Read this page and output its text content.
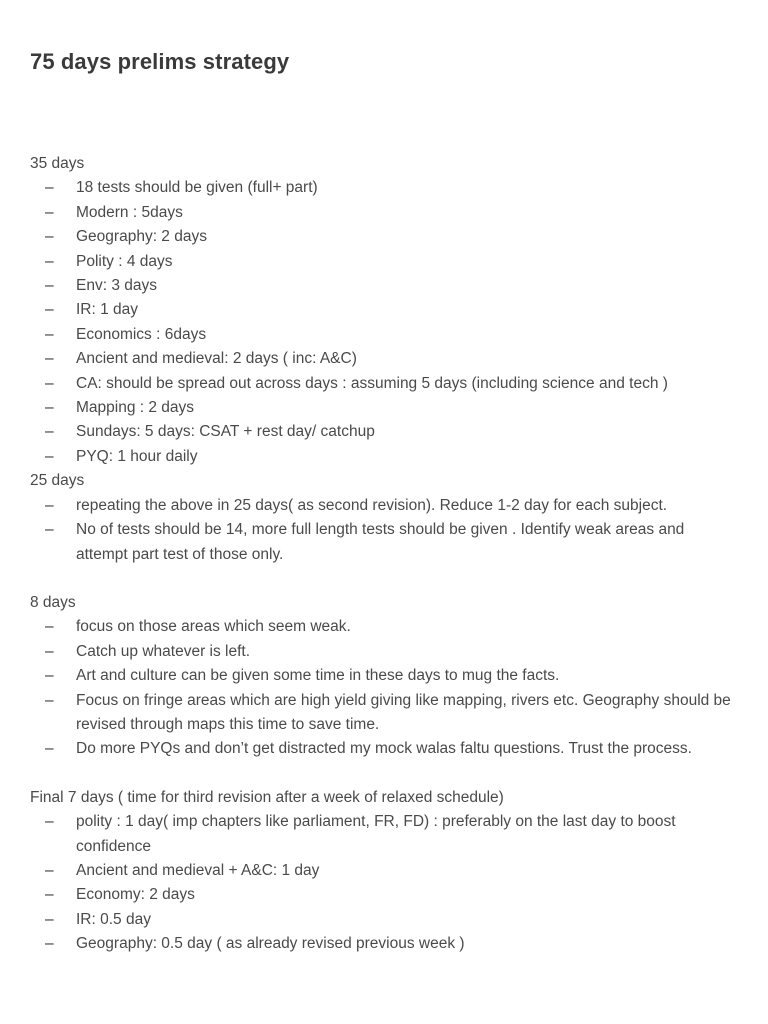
75 days prelims strategy
35 days
–	18 tests should be given (full+ part)
–	Modern : 5days
–	Geography: 2 days
–	Polity : 4 days
–	Env: 3 days
–	IR: 1 day
–	Economics : 6days
–	Ancient and medieval: 2 days ( inc: A&C)
–	CA: should be spread out across days : assuming 5 days (including science and tech )
–	Mapping : 2 days
–	Sundays: 5 days: CSAT + rest day/ catchup
–	PYQ: 1 hour daily
25 days
–	repeating the above in 25 days( as second revision). Reduce 1-2 day for each subject.
–	No of tests should be 14, more full length tests should be given . Identify weak areas and attempt part test of those only.
8 days
–	focus on those areas which seem weak.
–	Catch up whatever is left.
–	Art and culture can be given some time in these days to mug the facts.
–	Focus on fringe areas which are high yield giving like mapping, rivers etc. Geography should be revised through maps this time to save time.
–	Do more PYQs and don’t get distracted my mock walas faltu questions. Trust the process.
Final 7 days ( time for third revision after a week of relaxed schedule)
–	polity : 1 day( imp chapters like parliament, FR, FD) : preferably on the last day to boost confidence
–	Ancient and medieval + A&C: 1 day
–	Economy: 2 days
–	IR: 0.5 day
–	Geography: 0.5 day ( as already revised previous week )
